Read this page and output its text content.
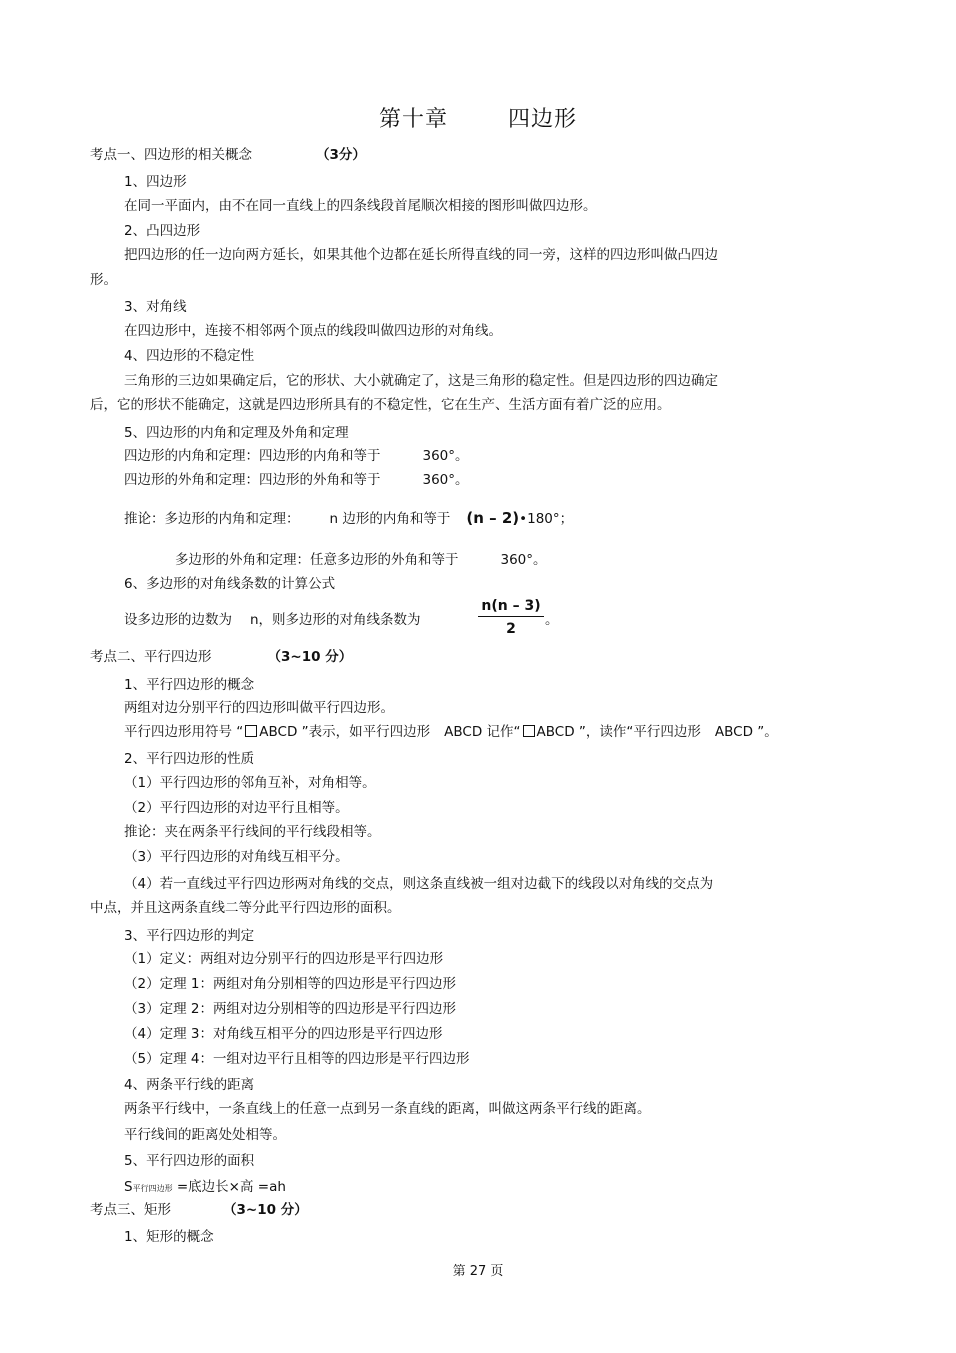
第十章	四边形
考点一、四边形的相关概念	（3分）
1、四边形
在同一平面内，由不在同一直线上的四条线段首尾顺次相接的图形叫做四边形。
2、凸四边形
把四边形的任一边向两方延长，如果其他个边都在延长所得直线的同一旁，这样的四边形叫做凸四边
形。
3、对角线
在四边形中，连接不相邻两个顶点的线段叫做四边形的对角线。
4、四边形的不稳定性
三角形的三边如果确定后，它的形状、大小就确定了，这是三角形的稳定性。但是四边形的四边确定
后，它的形状不能确定，这就是四边形所具有的不稳定性，它在生产、生活方面有着广泛的应用。
5、四边形的内角和定理及外角和定理
四边形的内角和定理：四边形的内角和等于	360°。
四边形的外角和定理：四边形的外角和等于	360°。
推论：多边形的内角和定理： n 边形的内角和等于 (n – 2)•180°；
多边形的外角和定理：任意多边形的外角和等于	360°。
6、多边形的对角线条数的计算公式
设多边形的边数为 n，则多边形的对角线条数为	$\frac{n(n - 3)}{2}$ 。
考点二、平行四边形	（3~10 分）
1、平行四边形的概念
两组对边分别平行的四边形叫做平行四边形。
平行四边形用符号 “ ABCD ”表示，如平行四边形 ABCD 记作“ ABCD ”，读作“平行四边形 ABCD ”。
2、平行四边形的性质
（1）平行四边形的邻角互补，对角相等。
（2）平行四边形的对边平行且相等。
推论：夹在两条平行线间的平行线段相等。
（3）平行四边形的对角线互相平分。
（4）若一直线过平行四边形两对角线的交点，则这条直线被一组对边截下的线段以对角线的交点为
中点，并且这两条直线二等分此平行四边形的面积。
3、平行四边形的判定
（1）定义：两组对边分别平行的四边形是平行四边形
（2）定理 1：两组对角分别相等的四边形是平行四边形
（3）定理 2：两组对边分别相等的四边形是平行四边形
（4）定理 3：对角线互相平分的四边形是平行四边形
（5）定理 4：一组对边平行且相等的四边形是平行四边形
4、两条平行线的距离
两条平行线中，一条直线上的任意一点到另一条直线的距离，叫做这两条平行线的距离。
平行线间的距离处处相等。
5、平行四边形的面积
S平行四边形 =底边长×高 =ah
考点三、矩形	（3~10 分）
1、矩形的概念
第 27 页
